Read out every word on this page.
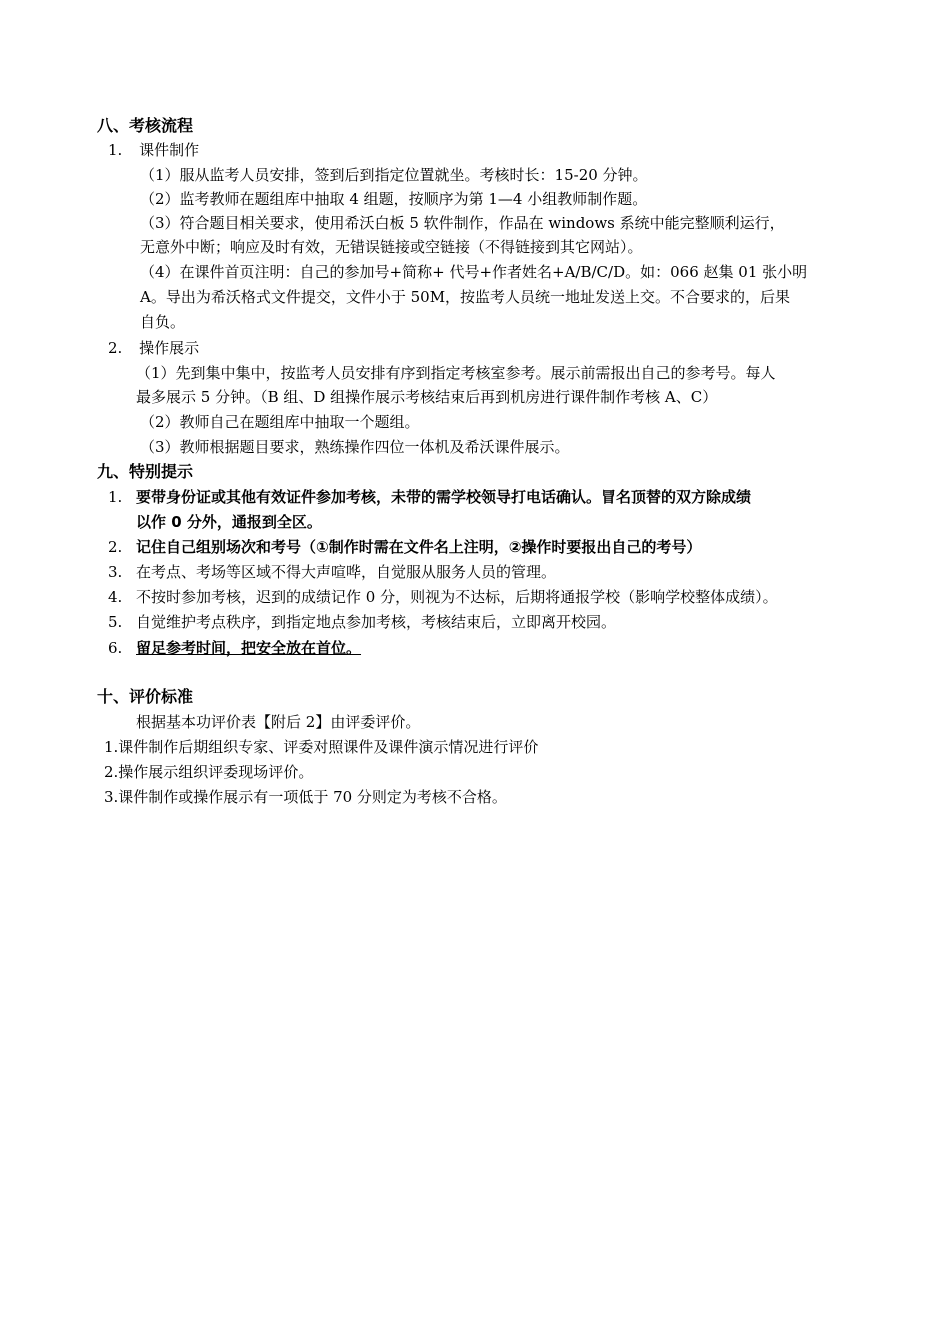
八、考核流程
1. 课件制作
（1）服从监考人员安排，签到后到指定位置就坐。考核时长：15-20 分钟。
（2）监考教师在题组库中抽取 4 组题，按顺序为第 1—4 小组教师制作题。
（3）符合题目相关要求，使用希沃白板 5 软件制作，作品在 windows 系统中能完整顺利运行，
无意外中断；响应及时有效，无错误链接或空链接（不得链接到其它网站）。
（4）在课件首页注明：自己的参加号+简称+ 代号+作者姓名+A/B/C/D。如：066 赵集 01 张小明
A。导出为希沃格式文件提交，文件小于 50M，按监考人员统一地址发送上交。不合要求的，后果
自负。
2. 操作展示
（1）先到集中集中，按监考人员安排有序到指定考核室参考。展示前需报出自己的参考号。每人
最多展示 5 分钟。（B 组、D 组操作展示考核结束后再到机房进行课件制作考核 A、C）
（2）教师自己在题组库中抽取一个题组。
（3）教师根据题目要求，熟练操作四位一体机及希沃课件展示。
九、特别提示
1. 要带身份证或其他有效证件参加考核，未带的需学校领导打电话确认。冒名顶替的双方除成绩
以作 0 分外，通报到全区。
2. 记住自己组别场次和考号（①制作时需在文件名上注明，②操作时要报出自己的考号）
3. 在考点、考场等区域不得大声喧哗，自觉服从服务人员的管理。
4. 不按时参加考核，迟到的成绩记作 0 分，则视为不达标，后期将通报学校（影响学校整体成绩）。
5. 自觉维护考点秩序，到指定地点参加考核，考核结束后，立即离开校园。
6. 留足参考时间，把安全放在首位。
十、评价标准
根据基本功评价表【附后 2】由评委评价。
1.课件制作后期组织专家、评委对照课件及课件演示情况进行评价
2.操作展示组织评委现场评价。
3.课件制作或操作展示有一项低于 70 分则定为考核不合格。
